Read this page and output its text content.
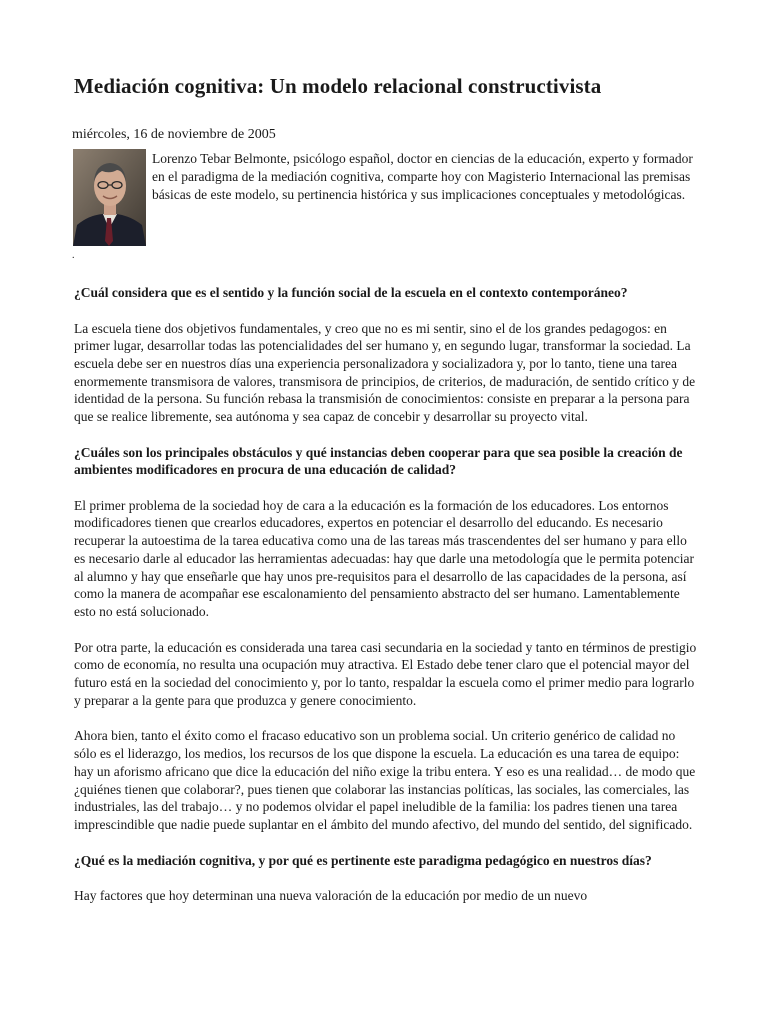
Mediación cognitiva: Un modelo relacional constructivista
miércoles, 16 de noviembre de 2005

Lorenzo Tebar Belmonte, psicólogo español, doctor en ciencias de la educación, experto y formador en el paradigma de la mediación cognitiva, comparte hoy con Magisterio Internacional las premisas básicas de este modelo, su pertinencia histórica y sus implicaciones conceptuales y metodológicas.

.

¿Cuál considera que es el sentido y la función social de la escuela en el contexto contemporáneo?

La escuela tiene dos objetivos fundamentales, y creo que no es mi sentir, sino el de los grandes pedagogos: en primer lugar, desarrollar todas las potencialidades del ser humano y, en segundo lugar, transformar la sociedad. La escuela debe ser en nuestros días una experiencia personalizadora y socializadora y, por lo tanto, tiene una tarea enormemente transmisora de valores, transmisora de principios, de criterios, de maduración, de sentido crítico y de identidad de la persona. Su función rebasa la transmisión de conocimientos: consiste en preparar a la persona para que se realice libremente, sea autónoma y sea capaz de concebir y desarrollar su proyecto vital.

¿Cuáles son los principales obstáculos y qué instancias deben cooperar para que sea posible la creación de ambientes modificadores en procura de una educación de calidad?

El primer problema de la sociedad hoy de cara a la educación es la formación de los educadores. Los entornos modificadores tienen que crearlos educadores, expertos en potenciar el desarrollo del educando. Es necesario recuperar la autoestima de la tarea educativa como una de las tareas más trascendentes del ser humano y para ello es necesario darle al educador las herramientas adecuadas: hay que darle una metodología que le permita potenciar al alumno y hay que enseñarle que hay unos pre-requisitos para el desarrollo de las capacidades de la persona, así como la manera de acompañar ese escalonamiento del pensamiento abstracto del ser humano. Lamentablemente esto no está solucionado.

Por otra parte, la educación es considerada una tarea casi secundaria en la sociedad y tanto en términos de prestigio como de economía, no resulta una ocupación muy atractiva. El Estado debe tener claro que el potencial mayor del futuro está en la sociedad del conocimiento y, por lo tanto, respaldar la escuela como el primer medio para lograrlo y preparar a la gente para que produzca y genere conocimiento.

Ahora bien, tanto el éxito como el fracaso educativo son un problema social. Un criterio genérico de calidad no sólo es el liderazgo, los medios, los recursos de los que dispone la escuela. La educación es una tarea de equipo: hay un aforismo africano que dice la educación del niño exige la tribu entera. Y eso es una realidad… de modo que ¿quiénes tienen que colaborar?, pues tienen que colaborar las instancias políticas, las sociales, las comerciales, las industriales, las del trabajo… y no podemos olvidar el papel ineludible de la familia: los padres tienen una tarea imprescindible que nadie puede suplantar en el ámbito del mundo afectivo, del mundo del sentido, del significado.

¿Qué es la mediación cognitiva, y por qué es pertinente este paradigma pedagógico en nuestros días?

Hay factores que hoy determinan una nueva valoración de la educación por medio de un nuevo
